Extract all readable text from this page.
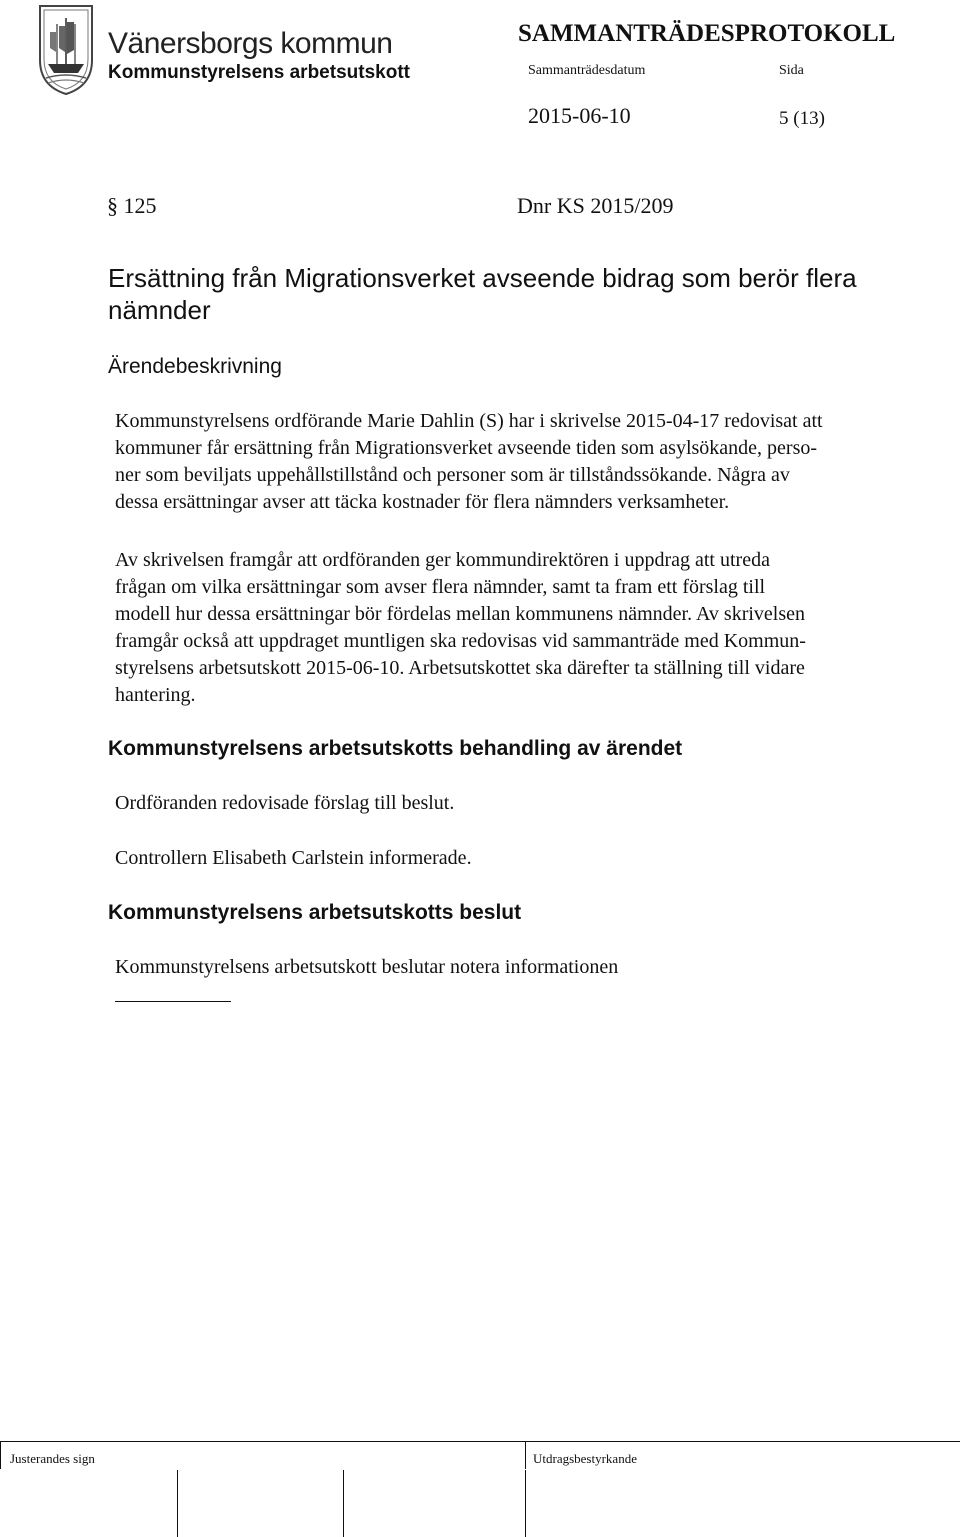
Vänersborgs kommun
Kommunstyrelsens arbetsutskott
SAMMANTRÄDESPROTOKOLL
Sammanträdesdatum	Sida
2015-06-10	5 (13)
§ 125	Dnr KS 2015/209
Ersättning från Migrationsverket avseende bidrag som berör flera nämnder
Ärendebeskrivning
Kommunstyrelsens ordförande Marie Dahlin (S) har i skrivelse 2015-04-17 redovisat att
kommuner får ersättning från Migrationsverket avseende tiden som asylsökande, perso-
ner som beviljats uppehållstillstånd och personer som är tillståndssökande. Några av
dessa ersättningar avser att täcka kostnader för flera nämnders verksamheter.
Av skrivelsen framgår att ordföranden ger kommundirektören i uppdrag att utreda
frågan om vilka ersättningar som avser flera nämnder, samt ta fram ett förslag till
modell hur dessa ersättningar bör fördelas mellan kommunens nämnder. Av skrivelsen
framgår också att uppdraget muntligen ska redovisas vid sammanträde med Kommun-
styrelsens arbetsutskott 2015-06-10. Arbetsutskottet ska därefter ta ställning till vidare
hantering.
Kommunstyrelsens arbetsutskotts behandling av ärendet
Ordföranden redovisade förslag till beslut.
Controllern Elisabeth Carlstein informerade.
Kommunstyrelsens arbetsutskotts beslut
Kommunstyrelsens arbetsutskott beslutar notera informationen
Justerandes sign	Utdragsbestyrkande
